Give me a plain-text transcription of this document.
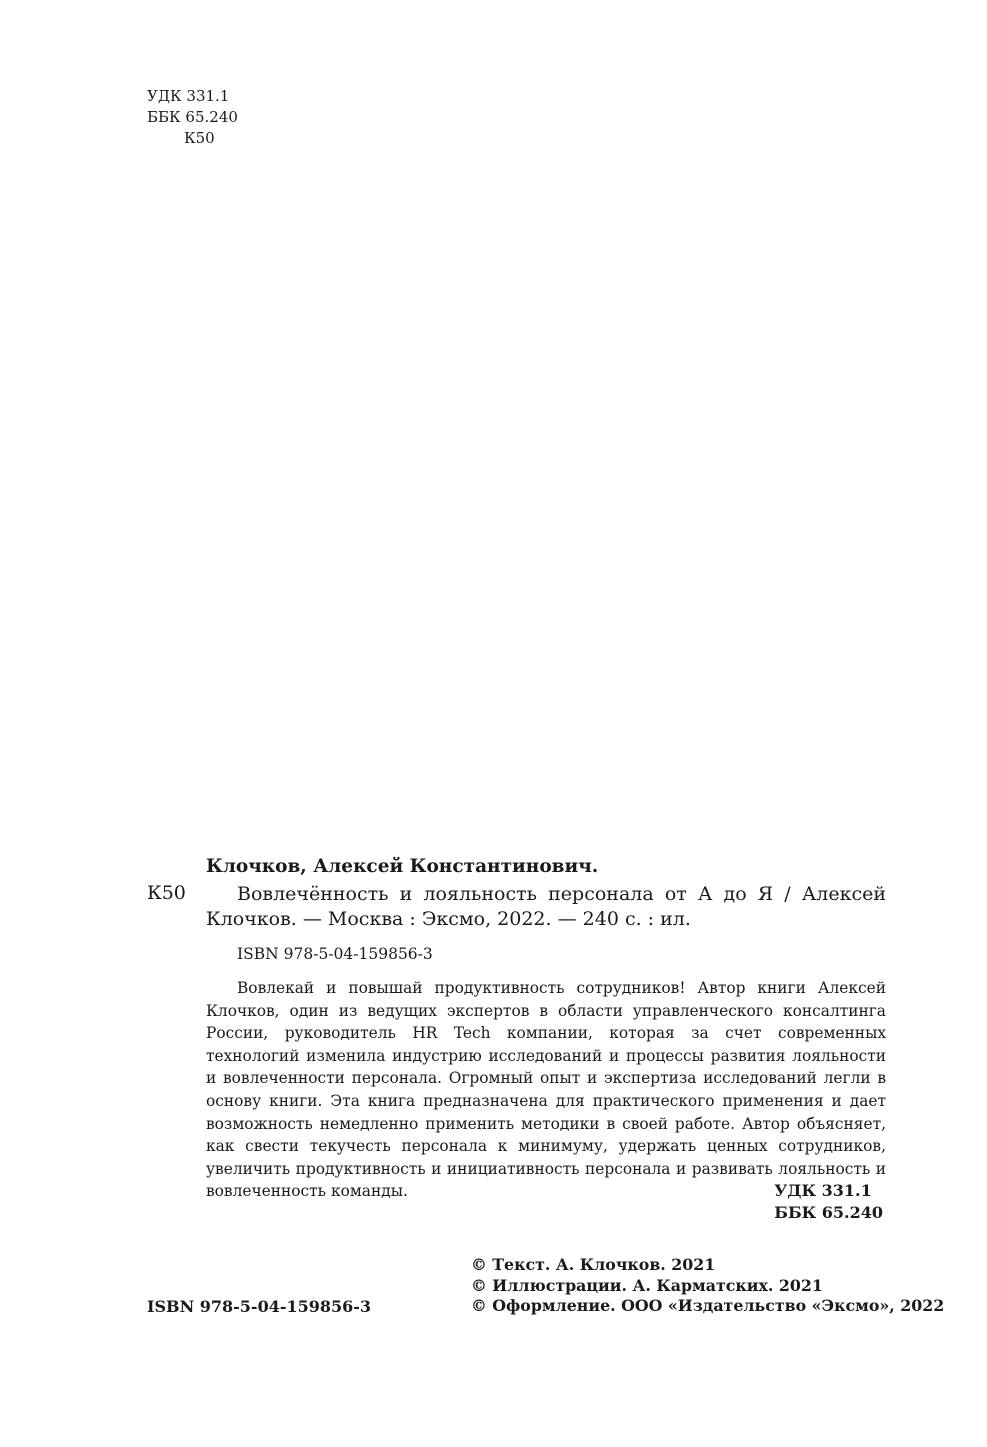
УДК 331.1
ББК 65.240
К50
Клочков, Алексей Константинович.
К50	Вовлечённость и лояльность персонала от А до Я / Алексей Клочков. — Москва : Эксмо, 2022. — 240 с. : ил.
ISBN 978-5-04-159856-3
Вовлекай и повышай продуктивность сотрудников! Автор книги Алексей Клочков, один из ведущих экспертов в области управленческого консалтинга России, руководитель HR Tech компании, которая за счет современных технологий изменила индустрию исследований и процессы развития лояльности и вовлеченности персонала. Огромный опыт и экспертиза исследований легли в основу книги. Эта книга предназначена для практического применения и дает возможность немедленно применить методики в своей работе. Автор объясняет, как свести текучесть персонала к минимуму, удержать ценных сотрудников, увеличить продуктивность и инициативность персонала и развивать лояльность и вовлеченность команды.	УДК 331.1
ББК 65.240
ISBN 978-5-04-159856-3
© Текст. А. Клочков. 2021
© Иллюстрации. А. Карматских. 2021
© Оформление. ООО «Издательство «Эксмо», 2022
